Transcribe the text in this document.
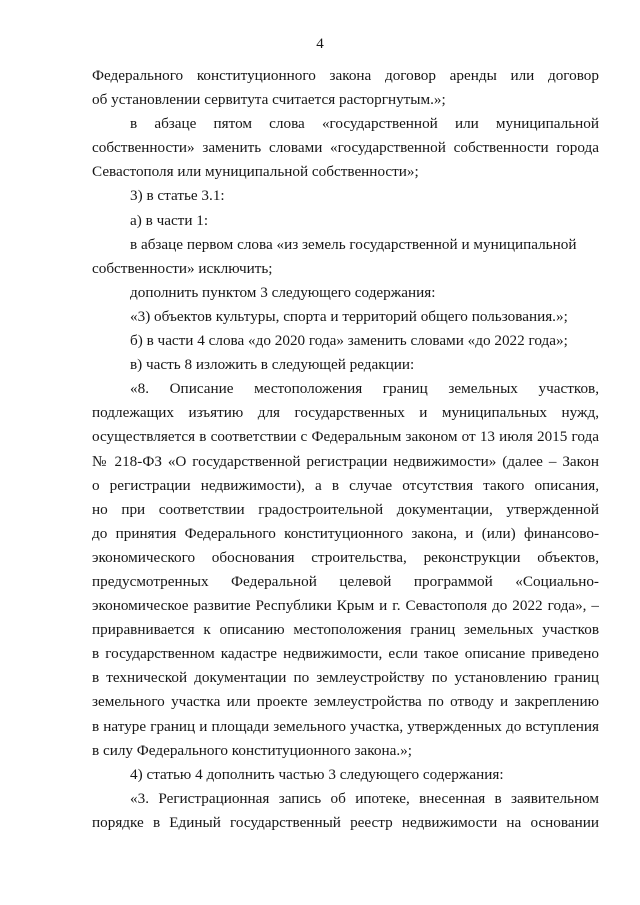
4
Федерального конституционного закона договор аренды или договор
об установлении сервитута считается расторгнутым.»;
в абзаце пятом слова «государственной или муниципальной
собственности» заменить словами «государственной собственности города
Севастополя или муниципальной собственности»;
3) в статье 3.1:
а) в части 1:
в абзаце первом слова «из земель государственной и муниципальной
собственности» исключить;
дополнить пунктом 3 следующего содержания:
«3) объектов культуры, спорта и территорий общего пользования.»;
б) в части 4 слова «до 2020 года» заменить словами «до 2022 года»;
в) часть 8 изложить в следующей редакции:
«8. Описание местоположения границ земельных участков,
подлежащих изъятию для государственных и муниципальных нужд,
осуществляется в соответствии с Федеральным законом от 13 июля 2015 года
№ 218-ФЗ «О государственной регистрации недвижимости» (далее – Закон
о регистрации недвижимости), а в случае отсутствия такого описания,
но при соответствии градостроительной документации, утвержденной
до принятия Федерального конституционного закона, и (или) финансово-
экономического обоснования строительства, реконструкции объектов,
предусмотренных Федеральной целевой программой «Социально-
экономическое развитие Республики Крым и г. Севастополя до 2022 года», –
приравнивается к описанию местоположения границ земельных участков
в государственном кадастре недвижимости, если такое описание приведено
в технической документации по землеустройству по установлению границ
земельного участка или проекте землеустройства по отводу и закреплению
в натуре границ и площади земельного участка, утвержденных до вступления
в силу Федерального конституционного закона.»;
4) статью 4 дополнить частью 3 следующего содержания:
«3. Регистрационная запись об ипотеке, внесенная в заявительном
порядке в Единый государственный реестр недвижимости на основании
